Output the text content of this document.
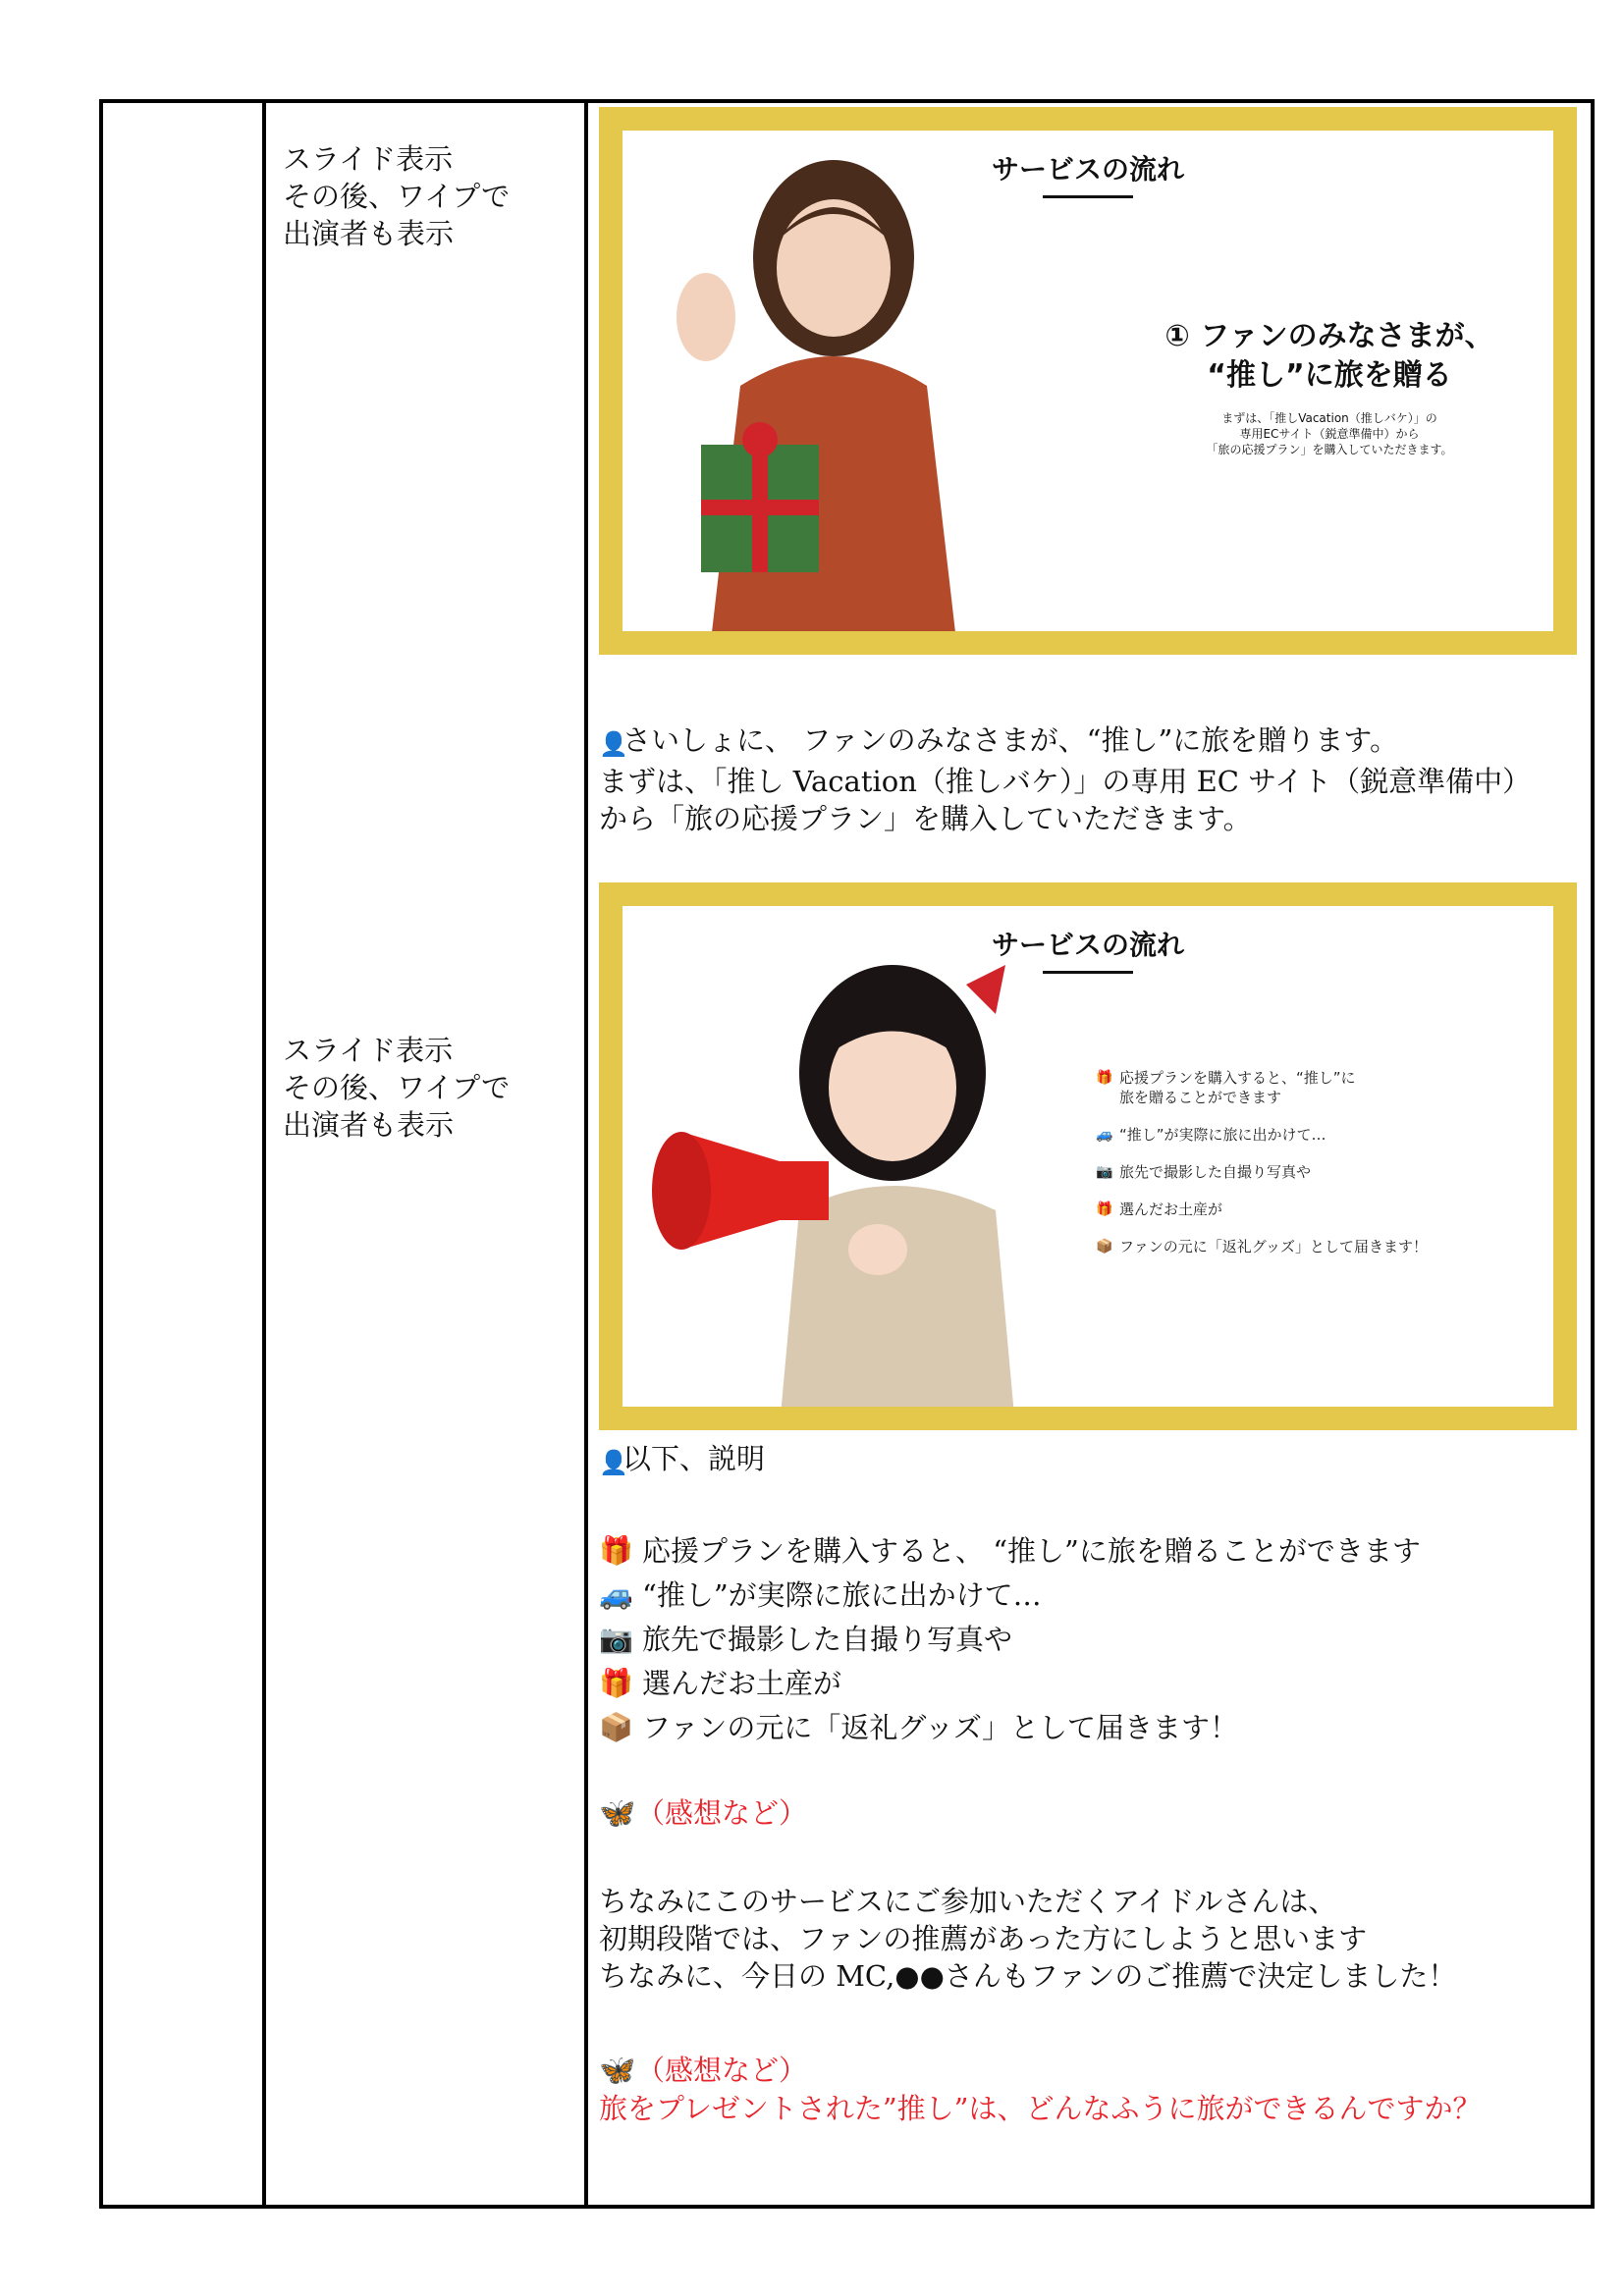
スライド表示
その後、ワイプで
出演者も表示
スライド表示
その後、ワイプで
出演者も表示
サービスの流れ
① ファンのみなさまが、
“推し”に旅を贈る
まずは、「推しVacation（推しバケ）」の
専用ECサイト（鋭意準備中）から
「旅の応援プラン」を購入していただきます。
👤さいしょに、 ファンのみなさまが、“推し”に旅を贈ります。
まずは、「推し Vacation（推しバケ）」の専用 EC サイト（鋭意準備中）
から「旅の応援プラン」を購入していただきます。
サービスの流れ
🎁 応援プランを購入すると、“推し”に
旅を贈ることができます
🚙 “推し”が実際に旅に出かけて…
📷 旅先で撮影した自撮り写真や
🎁 選んだお土産が
📦 ファンの元に「返礼グッズ」として届きます！
👤以下、説明
🎁 応援プランを購入すると、 “推し”に旅を贈ることができます
🚙 “推し”が実際に旅に出かけて…
📷 旅先で撮影した自撮り写真や
🎁 選んだお土産が
📦 ファンの元に「返礼グッズ」として届きます！
🦋（感想など）
ちなみにこのサービスにご参加いただくアイドルさんは、
初期段階では、ファンの推薦があった方にしようと思います
ちなみに、今日の MC,●●さんもファンのご推薦で決定しました！
🦋（感想など）
旅をプレゼントされた”推し”は、どんなふうに旅ができるんですか？
